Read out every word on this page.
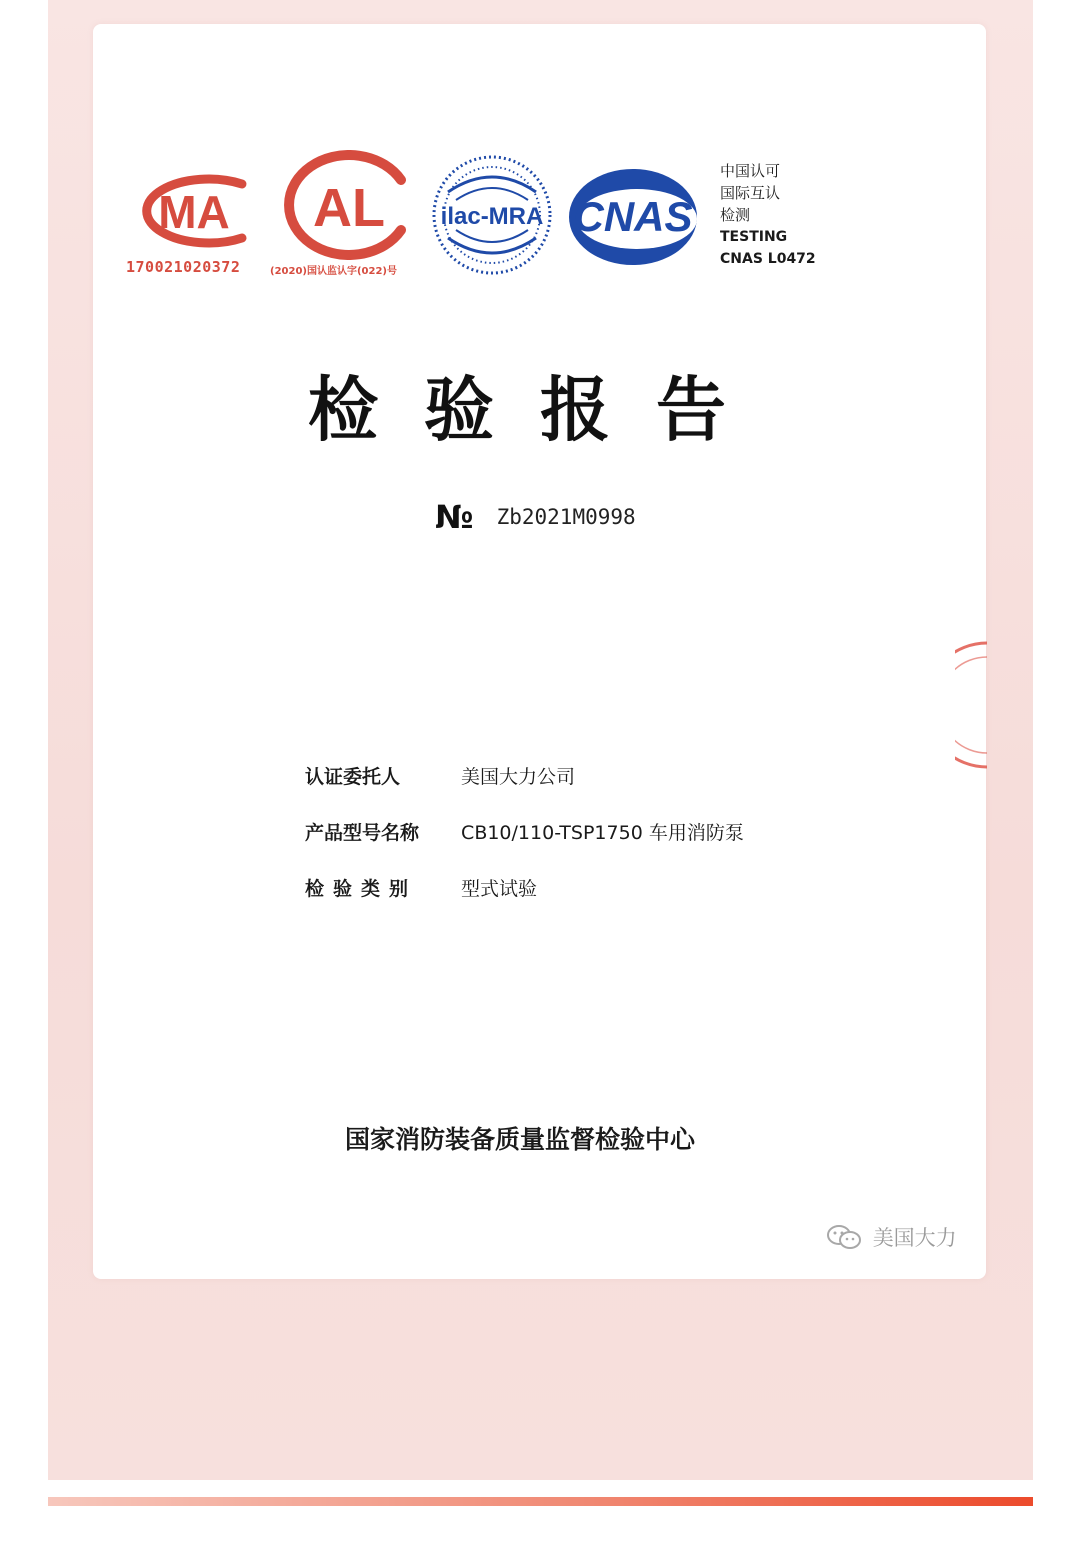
MA
170021020372
AL
(2020)国认监认字(022)号
ilac-MRA CNAS
中国认可
国际互认
检测
TESTING
CNAS L0472
检验报告
№ Zb2021M0998
认证委托人	美国大力公司
产品型号名称 CB10/110-TSP1750 车用消防泵
检验类别 型式试验
国家消防装备质量监督检验中心
美国大力
